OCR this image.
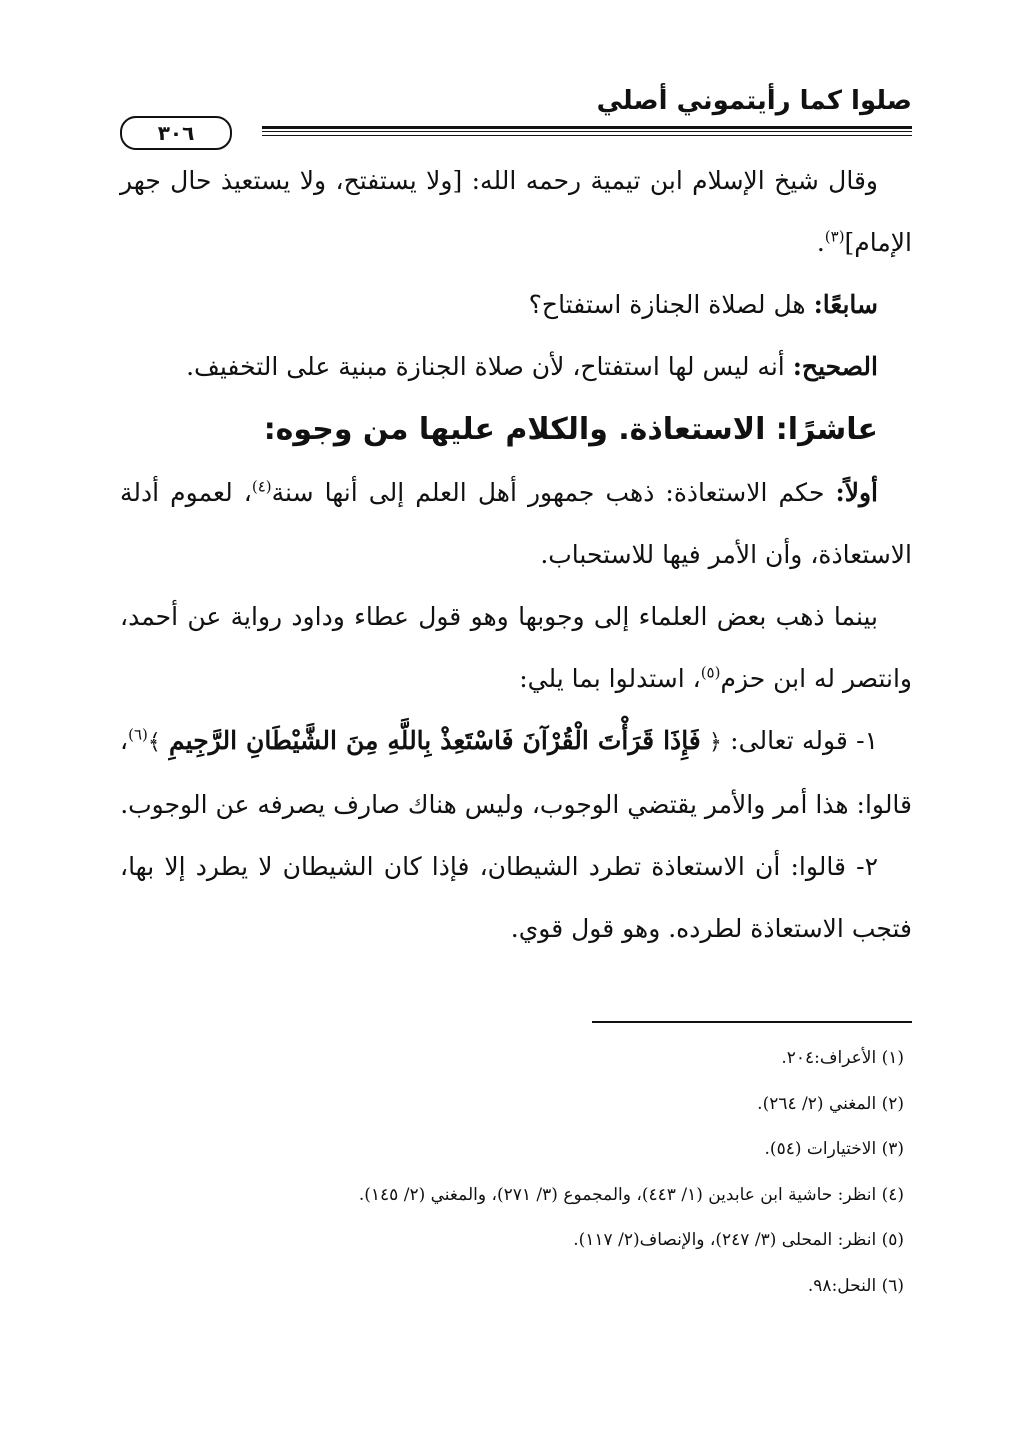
صلوا كما رأيتموني أصلي
٣٠٦

وقال شيخ الإسلام ابن تيمية رحمه الله: [ولا يستفتح، ولا يستعيذ حال جهر الإمام]$^{(٣)}$.

سابعًا: هل لصلاة الجنازة استفتاح؟

الصحيح: أنه ليس لها استفتاح، لأن صلاة الجنازة مبنية على التخفيف.

عاشرًا: الاستعاذة. والكلام عليها من وجوه:

أولاً: حكم الاستعاذة: ذهب جمهور أهل العلم إلى أنها سنة$^{(٤)}$، لعموم أدلة الاستعاذة، وأن الأمر فيها للاستحباب.

بينما ذهب بعض العلماء إلى وجوبها وهو قول عطاء وداود رواية عن أحمد، وانتصر له ابن حزم$^{(٥)}$، استدلوا بما يلي:

١- قوله تعالى: ﴿ فَإِذَا قَرَأْتَ الْقُرْآنَ فَاسْتَعِذْ بِاللَّهِ مِنَ الشَّيْطَانِ الرَّجِيمِ ﴾$^{(٦)}$، قالوا: هذا أمر والأمر يقتضي الوجوب، وليس هناك صارف يصرفه عن الوجوب.

٢- قالوا: أن الاستعاذة تطرد الشيطان، فإذا كان الشيطان لا يطرد إلا بها، فتجب الاستعاذة لطرده. وهو قول قوي.

(١) الأعراف:٢٠٤.

(٢) المغني (٢/ ٢٦٤).

(٣) الاختيارات (٥٤).

(٤) انظر: حاشية ابن عابدين (١/ ٤٤٣)، والمجموع (٣/ ٢٧١)، والمغني (٢/ ١٤٥).

(٥) انظر: المحلى (٣/ ٢٤٧)، والإنصاف(٢/ ١١٧).

(٦) النحل:٩٨.
